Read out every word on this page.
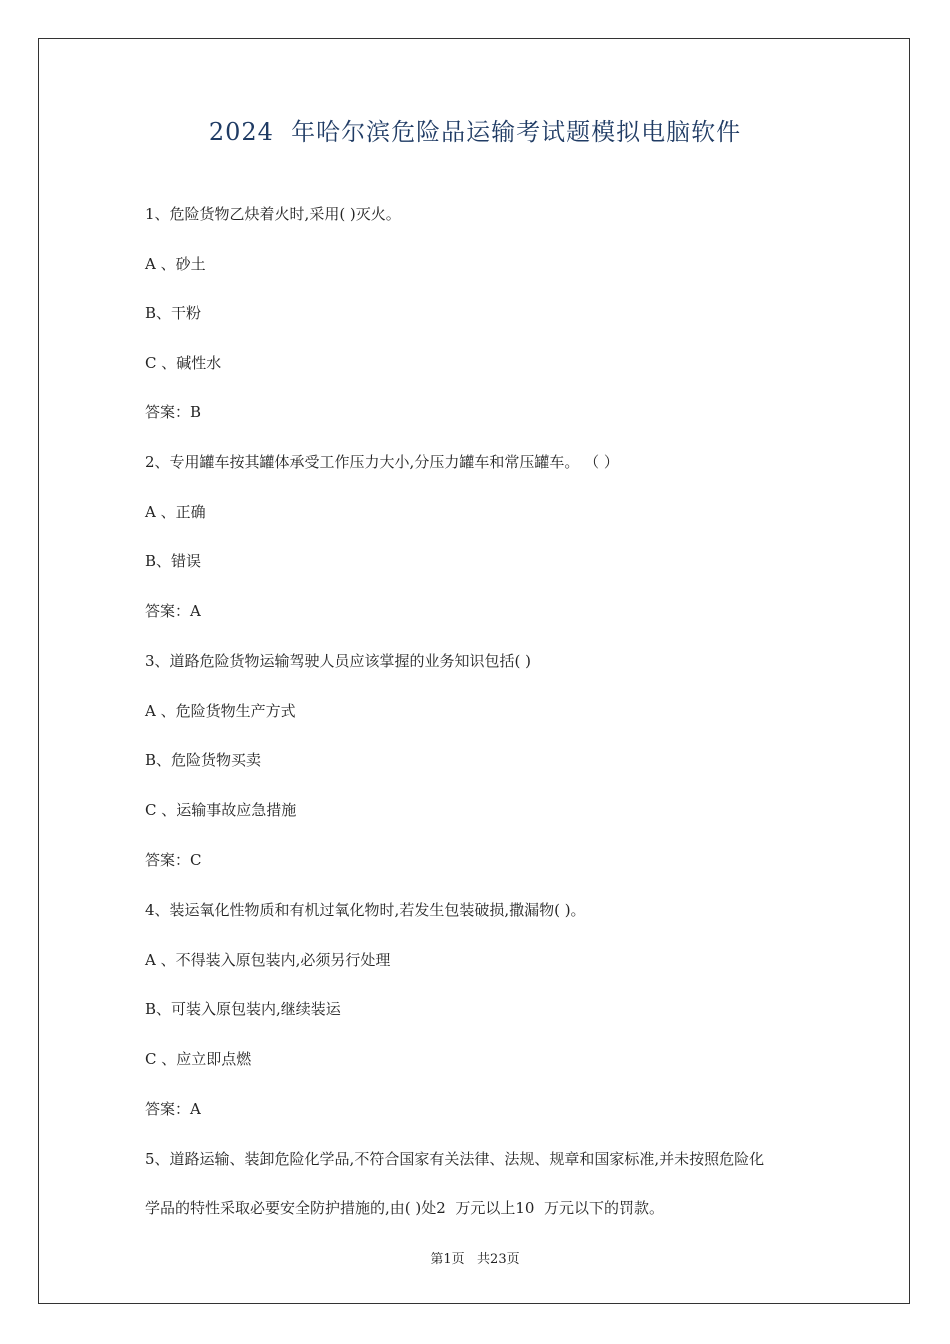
2024  年哈尔滨危险品运输考试题模拟电脑软件
1、危险货物乙炔着火时,采用( )灭火。
A 、砂土
B、干粉
C 、碱性水
答案：B
2、专用罐车按其罐体承受工作压力大小,分压力罐车和常压罐车。 （ ）
A 、正确
B、错误
答案：A
3、道路危险货物运输驾驶人员应该掌握的业务知识包括( )
A 、危险货物生产方式
B、危险货物买卖
C 、运输事故应急措施
答案：C
4、装运氧化性物质和有机过氧化物时,若发生包装破损,撒漏物( )。
A 、不得装入原包装内,必须另行处理
B、可装入原包装内,继续装运
C 、应立即点燃
答案：A
5、道路运输、装卸危险化学品,不符合国家有关法律、法规、规章和国家标准,并未按照危险化
学品的特性采取必要安全防护措施的,由( )处2  万元以上10  万元以下的罚款。
第1页   共23页
